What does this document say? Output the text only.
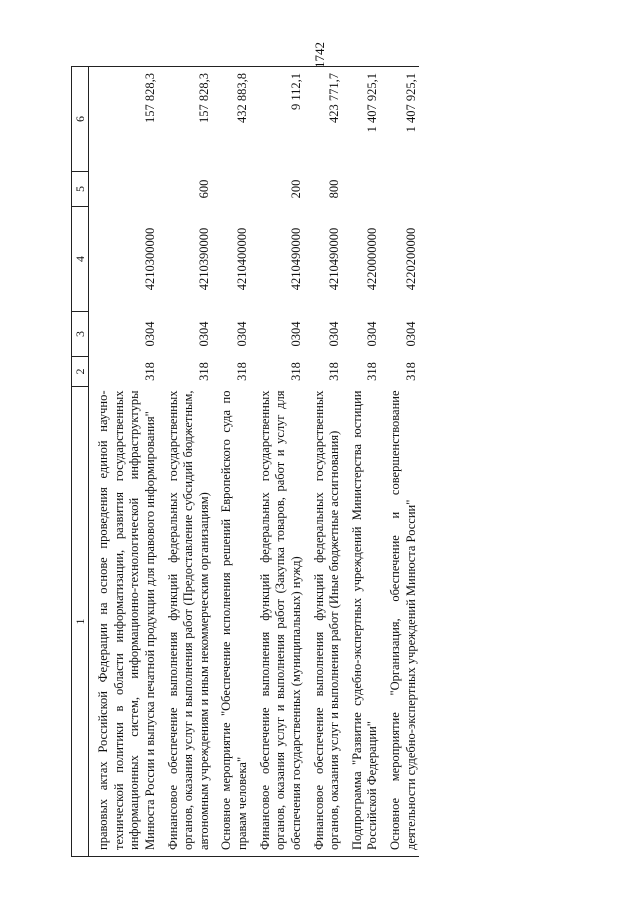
1742
1	2	3	4	5	6
правовых актах Российской Федерации на основе проведения единой научно-технической политики в области информатизации, развития государственных информационных систем, информационно-технологической инфраструктуры Минюста России и выпуска печатной продукции для правового информирования"	318	0304	4210300000		157 828,3
Финансовое обеспечение выполнения функций федеральных государственных органов, оказания услуг и выполнения работ (Предоставление субсидий бюджетным, автономным учреждениям и иным некоммерческим организациям)	318	0304	4210390000	600	157 828,3
Основное мероприятие "Обеспечение исполнения решений Европейского суда по правам человека"	318	0304	4210400000		432 883,8
Финансовое обеспечение выполнения функций федеральных государственных органов, оказания услуг и выполнения работ (Закупка товаров, работ и услуг для обеспечения государственных (муниципальных) нужд)	318	0304	4210490000	200	9 112,1
Финансовое обеспечение выполнения функций федеральных государственных органов, оказания услуг и выполнения работ (Иные бюджетные ассигнования)	318	0304	4210490000	800	423 771,7
Подпрограмма "Развитие судебно-экспертных учреждений Министерства юстиции Российской Федерации"	318	0304	4220000000		1 407 925,1
Основное мероприятие "Организация, обеспечение и совершенствование деятельности судебно-экспертных учреждений Минюста России"	318	0304	4220200000		1 407 925,1
